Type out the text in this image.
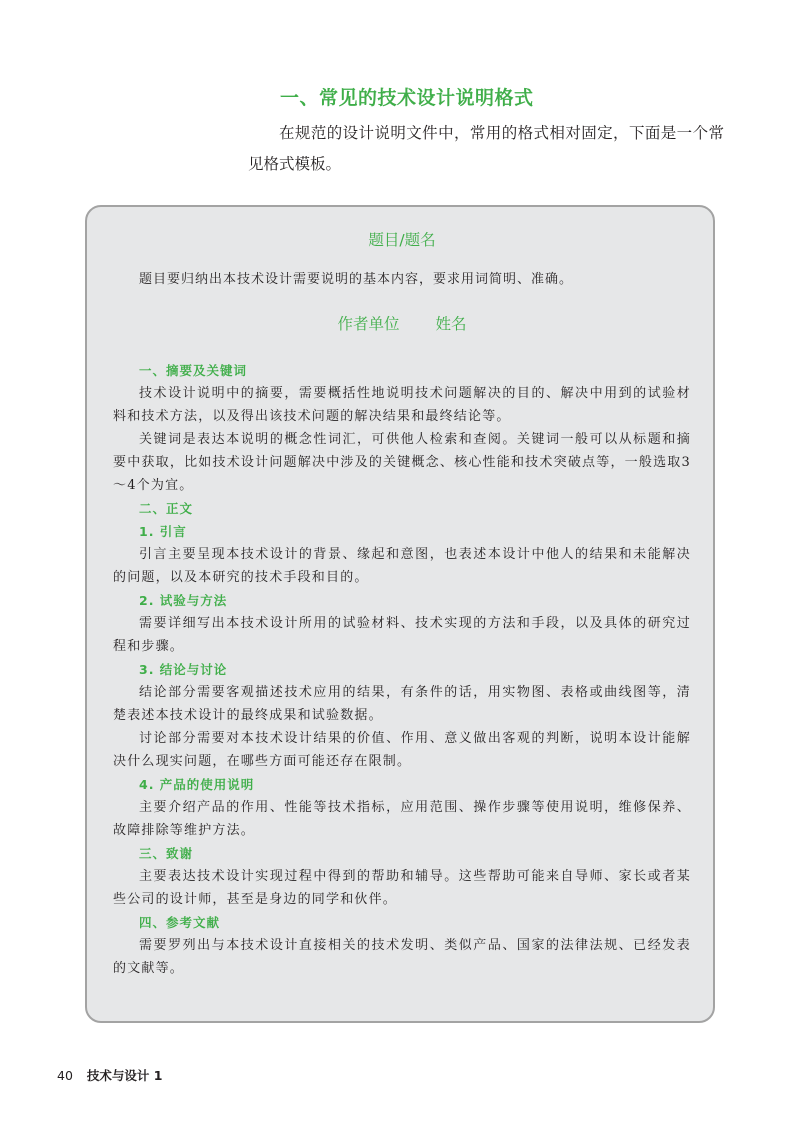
一、常见的技术设计说明格式
在规范的设计说明文件中，常用的格式相对固定，下面是一个常见格式模板。
题目/题名
题目要归纳出本技术设计需要说明的基本内容，要求用词简明、准确。
作者单位 姓名
一、摘要及关键词
技术设计说明中的摘要，需要概括性地说明技术问题解决的目的、解决中用到的试验材料和技术方法，以及得出该技术问题的解决结果和最终结论等。
关键词是表达本说明的概念性词汇，可供他人检索和查阅。关键词一般可以从标题和摘要中获取，比如技术设计问题解决中涉及的关键概念、核心性能和技术突破点等，一般选取3～4个为宜。
二、正文
1. 引言
引言主要呈现本技术设计的背景、缘起和意图，也表述本设计中他人的结果和未能解决的问题，以及本研究的技术手段和目的。
2. 试验与方法
需要详细写出本技术设计所用的试验材料、技术实现的方法和手段，以及具体的研究过程和步骤。
3. 结论与讨论
结论部分需要客观描述技术应用的结果，有条件的话，用实物图、表格或曲线图等，清楚表述本技术设计的最终成果和试验数据。
讨论部分需要对本技术设计结果的价值、作用、意义做出客观的判断，说明本设计能解决什么现实问题，在哪些方面可能还存在限制。
4. 产品的使用说明
主要介绍产品的作用、性能等技术指标，应用范围、操作步骤等使用说明，维修保养、故障排除等维护方法。
三、致谢
主要表达技术设计实现过程中得到的帮助和辅导。这些帮助可能来自导师、家长或者某些公司的设计师，甚至是身边的同学和伙伴。
四、参考文献
需要罗列出与本技术设计直接相关的技术发明、类似产品、国家的法律法规、已经发表的文献等。
40 技术与设计 1
